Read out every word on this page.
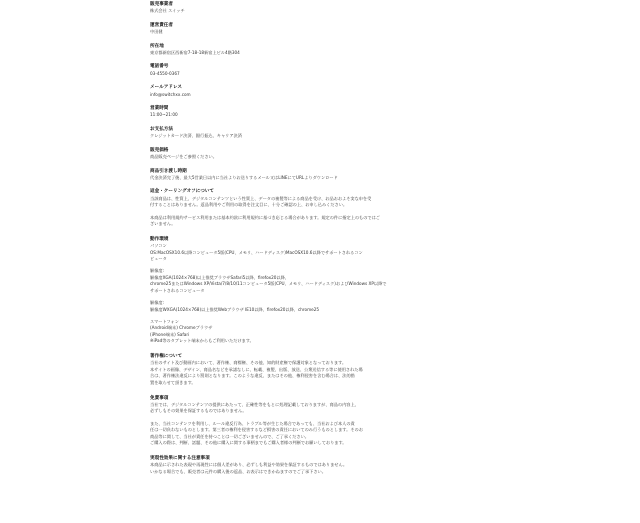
販売事業者

株式会社 スイッチ

運営責任者

中田健

所在地

東京都新宿区西新宿7-18-18新宿上ビル4階304

電話番号

03-4550-0367

メールアドレス

info@switchxx.com

営業時間

11:00~21:00

お支払方法

クレジットカード決済、銀行振込、キャリア決済

販売価格

商品販売ページをご参照ください。

商品引き渡し時期

代金決済完了後、最大5営業日以内に当社よりお送りするメール又はLINEにてURLよりダウンロード

返金・クーリングオフについて

当該商品は、性質上、デジタルコンテンツという性質上、データの複製等による商品を受け、お品おおよそ実な申を受

付することはありません。返品利用やご利用の取得を注文目に、十分ご確認の上、お申し込みください。

本商品は利用規約サービス利用または基本約款に利用規約に基づき応じる場合があります。規定の件に指定上のものではご

ざいません。

動作環境

パソコン

OS:MacOSX10.6以降コンピュータ5版(CPU、メモリ、ハードディスク)MacOSX10.6以降でサポートされるコン

ピュータ

解像度:

解像度XGA(1024×768)以上推奨ブラウザSafari5以降、firefox20以降、

chrome25またはWindows XP/Vista/7/8/10/11コンピュータ5版(CPU、メモリ、ハードディスク)およびWindows XP以降で

サポートされるコンピュータ

解像度:

解像度WXGA(1024×768)以上推奨Webブラウザ IE10以降、firefox20以降、chrome25

スマートフォン

(Android端末) Chromeブラウザ

(iPhone端末) Safari

※iPad等のタブレット端末からもご利用いただけます。

著作権について

当社のサイト及び動画内において、著作権、商標権、その他、知的財産権で保護対象となっております。

本サイトの画像、デザイン、商品名などを承諾なしに、転載、複製、出版、放送、公衆送信する等に使用された場

合は、著作権法違反により罰則となります。このような違反、またはその他、権利侵害を含む場合は、法的措

置を取らせて頂きます。

免責事項

当社では、デジタルコンテンツの提供にあたって、正確性等をもとに処理記載しておりますが、商品の内容上、

必ずしもその効果を保証するものではありません。

また、当社コンテンツを利用し、ルール違反行為、トラブル等が生じた場合であっても、当社および本人の責

任は一切負わないものとします。第三者の権利を侵害するなど損害の責任においてのみ行うものとします。そのお

商品等に関して、当社が責任を持つことは一切ございませんので、ご了承ください。

ご購入の際は、判断、話題、その他に購入に関する事柄までもご購入者様の判断でお願いしております。

実現性効果に関する注意事項

本商品に示された表現や再現性には個人差があり、必ずしも利益や効果を保証するものではありません。

いかなる場合でも、販売者は元件の購入後の返品、お表示はできかねますのでご了承下さい。
